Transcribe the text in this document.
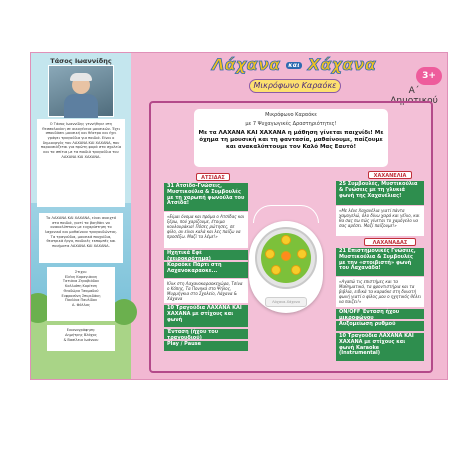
Τάσος Ιωαννίδης
Ο Τάσος Ιωαννίδης γεννήθηκε στη Θεσσαλονίκη σε οικογένεια μουσικών. Έχει σπουδάσει μουσική και θέατρο και έχει γράψει τραγούδια για παιδιά. Είναι ο δημιουργός του ΛΑΧΑΝΑ ΚΑΙ ΧΑΧΑΝΑ, που παρουσιάζεται για πρώτη φορά στα σχολεία και τα σπίτια με τα παιδιά τραγούδια του ΛΑΧΑΝΑ ΚΑΙ ΧΑΧΑΝΑ.
Το ΛΑΧΑΝΑ ΚΑΙ ΧΑΧΑΝΑ, είναι ανοιχτό στα παιδιά, γιατί τα βοηθάει να ανακαλύπτουν με ευχαρίστηση το λαχανικό και μαθαίνουν τραγουδώντας. Τα τραγούδια, μουσικά παιχνίδια, θεατρικά έργα, παιδικές εκπομπές και ποιήματα ΛΑΧΑΝΑ ΚΑΙ ΧΑΧΑΝΑ.
Στιχοι:
Ελένη Καραγιάννη
Τατιάνα Ζηνοβιάδου
Καλλιόπη Κορίτση
Θεοδώρα Τσαμαδού
Ευφροσύνη Σπυριδάκη
Παυλίνα Παυλίδου
Α. Φόλλας
Εικονογράφηση:
Δημήτρης Βλάχος
& Βασίλεια Ιωάννου
Λάχανα και Χάχανα
Μικρόφωνο Καραόκε
3+
Α΄
Δημοτικού
Μικρόφωνο Καραόκε
με 7 Ψυχαγωγικές Δραστηριότητες!
Με τα ΛΑΧΑΝΑ ΚΑΙ ΧΑΧΑΝΑ η μάθηση γίνεται παιχνίδι! Με όχημα τη μουσική και τη φαντασία, μαθαίνουμε, παίζουμε και ανακαλύπτουμε τον Καλό Μας Εαυτό!
ΑΤΣΙΔΑΣ
31 Ατσίδο-Γνώσεις, Μυστικούλια & Συμβουλές με τη χαρωπή φωνούλα του Ατσίδα!
«Είμαι όνομα και πράμα ο Ατσίδας και ξέρω, πού χαρίζουμε, έτοιμα κουλουράκια! Πόσες ρώτησες, σε φίλο, αν είναι καλά και λες παίζω να προσέξω. Μαζί τα λέμε!»
Ηχητικά Εφέ (χειροκρότημα)
Καραόκε Πάρτι στη Λαχανοκαραοκε...
Κλικ στη Λαχανοκαραοκεχώρα, Τσίνα ο Κόπης, Τα Πονηκά στο Ψήλος, Μυρμήγκια στο Σχολείο, Λάχανα & Χάχανα
10 Τραγούδια ΛΑΧΑΝΑ ΚΑΙ ΧΑΧΑΝΑ με στίχους και φωνή
Ένταση (ήχου του τραγουδιού)
Play / Pause
ΧΑΧΑΝΕΛΙΑ
25 Συμβουλές, Μυστικούλια & Γνώσεις με τη γλυκιά φωνή της Χαχανέλιας!
«Με λένε Χαχανέλια γιατί πάντα χαμογελώ, όλο δίνω χαρά και γέλιο, και θα σας πω πώς γίνεται το χαμόγελο να σας αρέσει. Μαζί παίζουμε!»
ΛΑΧΑΝΑΔΑΣ
21 Επιστημονικές Γνώσεις, Μυστικούλια & Συμβουλές με την «στοιβιστή» φωνή του Λαχανάδα!
«Αγαπώ τις επιστήμες και τα Μαθηματικά, τα φροντιστήρια και τα βιβλία, ειδικά τα καραόκε στη δυνατή φωνή γιατί ο φίλος μου ο ηχητικός θέλει να παιζει!»
ON/OFF Ένταση ήχου μικροφώνου
Αυξομείωση ρυθμού
10 Τραγούδια ΛΑΧΑΝΑ ΚΑΙ ΧΑΧΑΝΑ με στίχους και φωνή Karaoke (Instrumental)
Λάχανα-Χάχανα
